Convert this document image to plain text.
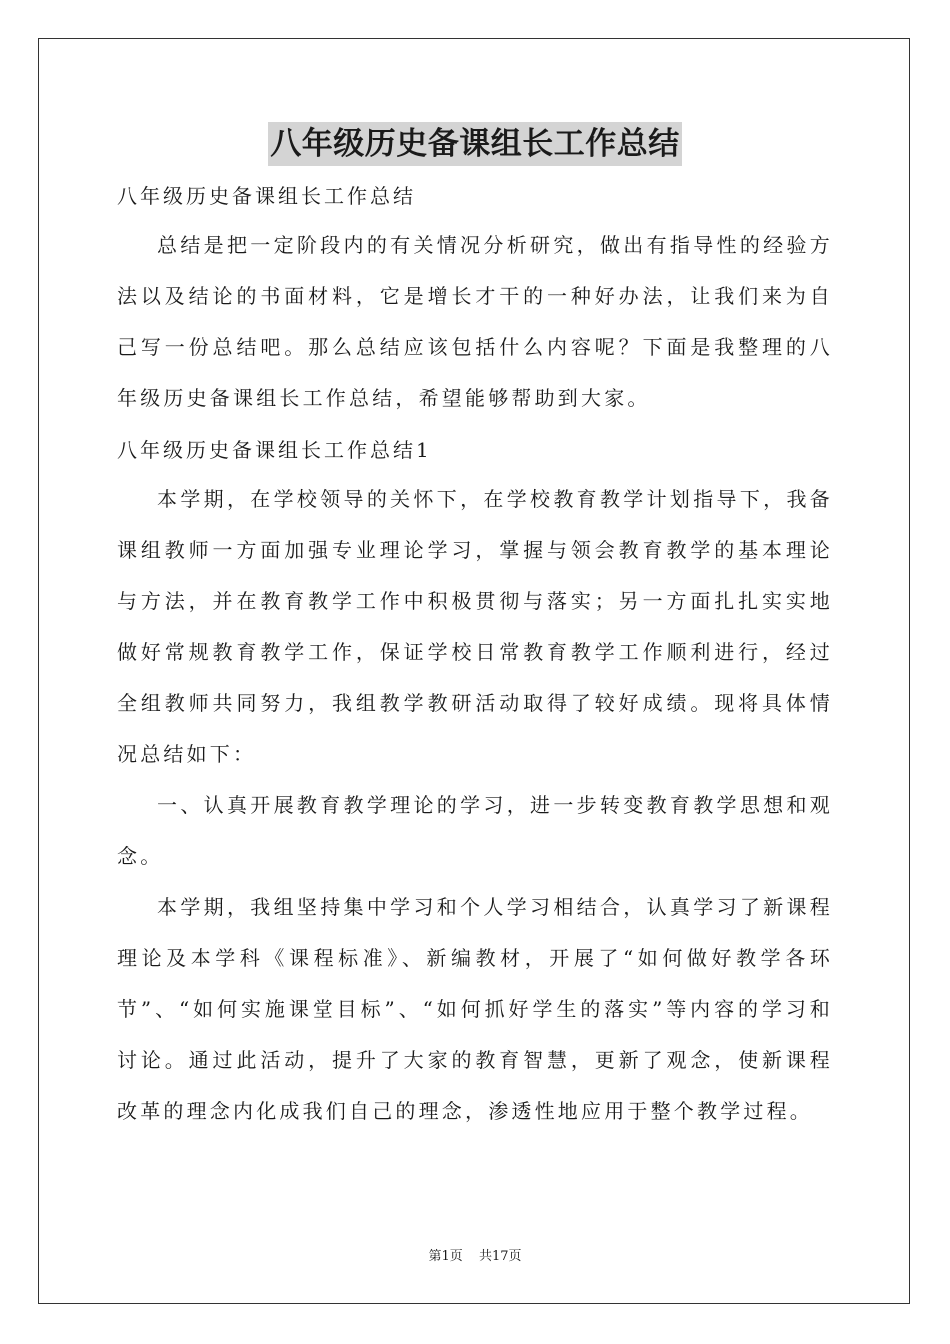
八年级历史备课组长工作总结

八年级历史备课组长工作总结

总结是把一定阶段内的有关情况分析研究，做出有指导性的经验方法以及结论的书面材料，它是增长才干的一种好办法，让我们来为自己写一份总结吧。那么总结应该包括什么内容呢？下面是我整理的八年级历史备课组长工作总结，希望能够帮助到大家。

八年级历史备课组长工作总结1

本学期，在学校领导的关怀下，在学校教育教学计划指导下，我备课组教师一方面加强专业理论学习，掌握与领会教育教学的基本理论与方法，并在教育教学工作中积极贯彻与落实；另一方面扎扎实实地做好常规教育教学工作，保证学校日常教育教学工作顺利进行，经过全组教师共同努力，我组教学教研活动取得了较好成绩。现将具体情况总结如下：

一、认真开展教育教学理论的学习，进一步转变教育教学思想和观念。

本学期，我组坚持集中学习和个人学习相结合，认真学习了新课程理论及本学科《课程标准》、新编教材，开展了“如何做好教学各环节”、“如何实施课堂目标”、“如何抓好学生的落实”等内容的学习和讨论。通过此活动，提升了大家的教育智慧，更新了观念，使新课程改革的理念内化成我们自己的理念，渗透性地应用于整个教学过程。

第1页 共17页
